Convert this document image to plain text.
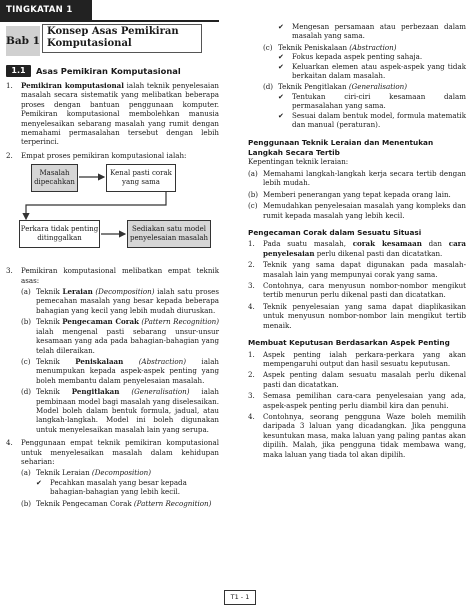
TINGKATAN 1
Bab 1
Konsep Asas Pemikiran Komputasional
1.1	Asas Pemikiran Komputasional
1.	Pemikiran komputasional ialah teknik penyelesaian masalah secara sistematik yang melibatkan beberapa proses dengan bantuan penggunaan komputer. Pemikiran komputasional membolehkan manusia menyelesaikan sebarang masalah yang rumit dengan memahami permasalahan tersebut dengan lebih terperinci.
2.	Empat proses pemikiran komputasional ialah:
Masalah dipecahkan
Kenal pasti corak yang sama
Perkara tidak penting ditinggalkan
Sediakan satu model penyelesaian masalah
3.	Pemikiran komputasional melibatkan empat teknik asas:
(a) Teknik Leraian (Decomposition) ialah satu proses pemecahan masalah yang besar kepada beberapa bahagian yang kecil yang lebih mudah diuruskan.
(b) Teknik Pengecaman Corak (Pattern Recognition) ialah mengenal pasti sebarang unsur-unsur kesamaan yang ada pada bahagian-bahagian yang telah dileraikan.
(c) Teknik Peniskalaan (Abstraction) ialah menumpukan kepada aspek-aspek penting yang boleh membantu dalam penyelesaian masalah.
(d) Teknik Pengitlakan (Generalisation) ialah pembinaan model bagi masalah yang diselesaikan. Model boleh dalam bentuk formula, jadual, atau langkah-langkah. Model ini boleh digunakan untuk menyelesaikan masalah lain yang serupa.
4.	Penggunaan empat teknik pemikiran komputasional untuk menyelesaikan masalah dalam kehidupan seharian:
(a) Teknik Leraian (Decomposition)
✔	Pecahkan masalah yang besar kepada bahagian-bahagian yang lebih kecil.
(b) Teknik Pengecaman Corak (Pattern Recognition)
✔	Mengesan persamaan atau perbezaan dalam masalah yang sama.
(c) Teknik Peniskalaan (Abstraction)
✔	Fokus kepada aspek penting sahaja.
✔	Keluarkan elemen atau aspek-aspek yang tidak berkaitan dalam masalah.
(d) Teknik Pengitlakan (Generalisation)
✔	Tentukan ciri-ciri kesamaan dalam permasalahan yang sama.
✔	Sesuai dalam bentuk model, formula matematik dan manual (peraturan).
Penggunaan Teknik Leraian dan Menentukan Langkah Secara Tertib
Kepentingan teknik leraian:
(a) Memahami langkah-langkah kerja secara tertib dengan lebih mudah.
(b) Memberi penerangan yang tepat kepada orang lain.
(c) Memudahkan penyelesaian masalah yang kompleks dan rumit kepada masalah yang lebih kecil.
Pengecaman Corak dalam Sesuatu Situasi
1.	Pada suatu masalah, corak kesamaan dan cara penyelesaian perlu dikenal pasti dan dicatatkan.
2.	Teknik yang sama dapat digunakan pada masalah-masalah lain yang mempunyai corak yang sama.
3.	Contohnya, cara menyusun nombor-nombor mengikut tertib menurun perlu dikenal pasti dan dicatatkan.
4.	Teknik penyelesaian yang sama dapat diaplikasikan untuk menyusun nombor-nombor lain mengikut tertib menaik.
Membuat Keputusan Berdasarkan Aspek Penting
1.	Aspek penting ialah perkara-perkara yang akan mempengaruhi output dan hasil sesuatu keputusan.
2.	Aspek penting dalam sesuatu masalah perlu dikenal pasti dan dicatatkan.
3.	Semasa pemilihan cara-cara penyelesaian yang ada, aspek-aspek penting perlu diambil kira dan penuhi.
4.	Contohnya, seorang pengguna Waze boleh memilih daripada 3 laluan yang dicadangkan. Jika pengguna kesuntukan masa, maka laluan yang paling pantas akan dipilih. Malah, jika pengguna tidak membawa wang, maka laluan yang tiada tol akan dipilih.
T1 - 1
